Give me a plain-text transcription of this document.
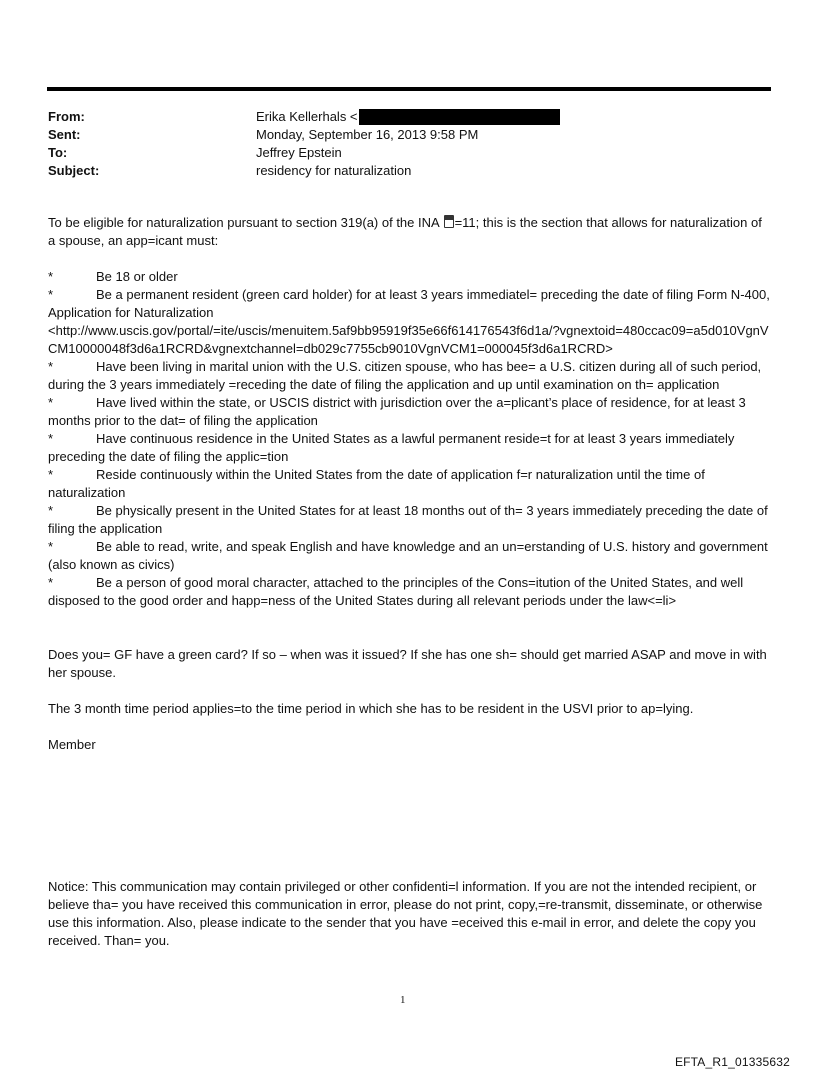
From:	Erika Kellerhals <
Sent:	Monday, September 16, 2013 9:58 PM
To:	Jeffrey Epstein
Subject:	residency for naturalization

To be eligible for naturalization pursuant to section 319(a) of the INA =11; this is the section that allows for naturalization of a spouse, an app=icant must:

*	Be 18 or older

*	Be a permanent resident (green card holder) for at least 3 years immediatel= preceding the date of filing Form N-400, Application for Naturalization

<http://www.uscis.gov/portal/=ite/uscis/menuitem.5af9bb95919f35e66f614176543f6d1a/?vgnextoid=480ccac09=a5d010VgnVCM10000048f3d6a1RCRD&vgnextchannel=db029c7755cb9010VgnVCM1=000045f3d6a1RCRD>

*	Have been living in marital union with the U.S. citizen spouse, who has bee= a U.S. citizen during all of such period, during the 3 years immediately =receding the date of filing the application and up until examination on th= application

*	Have lived within the state, or USCIS district with jurisdiction over the a=plicant’s place of residence, for at least 3 months prior to the dat= of filing the application

*	Have continuous residence in the United States as a lawful permanent reside=t for at least 3 years immediately preceding the date of filing the applic=tion

*	Reside continuously within the United States from the date of application f=r naturalization until the time of naturalization

*	Be physically present in the United States for at least 18 months out of th= 3 years immediately preceding the date of filing the application

*	Be able to read, write, and speak English and have knowledge and an un=erstanding of U.S. history and government (also known as civics)

*	Be a person of good moral character, attached to the principles of the Cons=itution of the United States, and well disposed to the good order and happ=ness of the United States during all relevant periods under the law<=li>

Does you= GF have a green card? If so – when was it issued? If she has one sh= should get married ASAP and move in with her spouse.

The 3 month time period applies=to the time period in which she has to be resident in the USVI prior to ap=lying.

Member

Notice: This communication may contain privileged or other confidenti=l information. If you are not the intended recipient, or believe tha= you have received this communication in error, please do not print, copy,=re-transmit, disseminate, or otherwise use this information. Also, please indicate to the sender that you have =eceived this e-mail in error, and delete the copy you received. Than= you.

1
EFTA_R1_01335632
